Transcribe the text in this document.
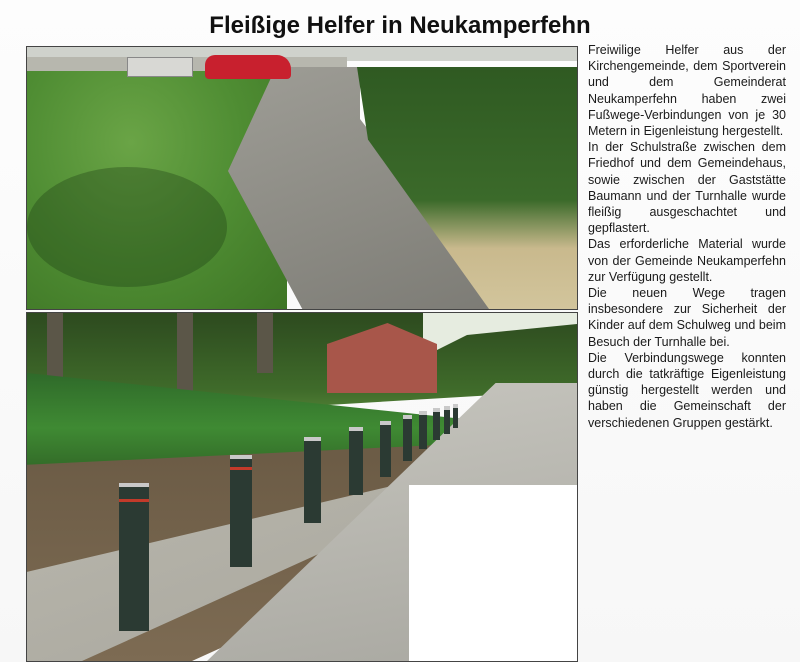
Fleißige Helfer in Neukamperfehn

Freiwilige Helfer aus der Kirchengemeinde, dem Sportverein und dem Gemeinderat Neukamperfehn haben zwei Fußwege-Verbindungen von je 30 Metern in Eigenleistung hergestellt.

In der Schulstraße zwischen dem Friedhof und dem Gemeindehaus, sowie zwischen der Gaststätte Baumann und der Turnhalle wurde fleißig ausgeschachtet und gepflastert.

Das erforderliche Material wurde von der Gemeinde Neukamperfehn zur Verfügung gestellt.

Die neuen Wege tragen insbesondere zur Sicherheit der Kinder auf dem Schulweg und beim Besuch der Turnhalle bei.

Die Verbindungswege konnten durch die tatkräftige Eigenleistung günstig hergestellt werden und haben die Gemeinschaft der verschiedenen Gruppen gestärkt.
